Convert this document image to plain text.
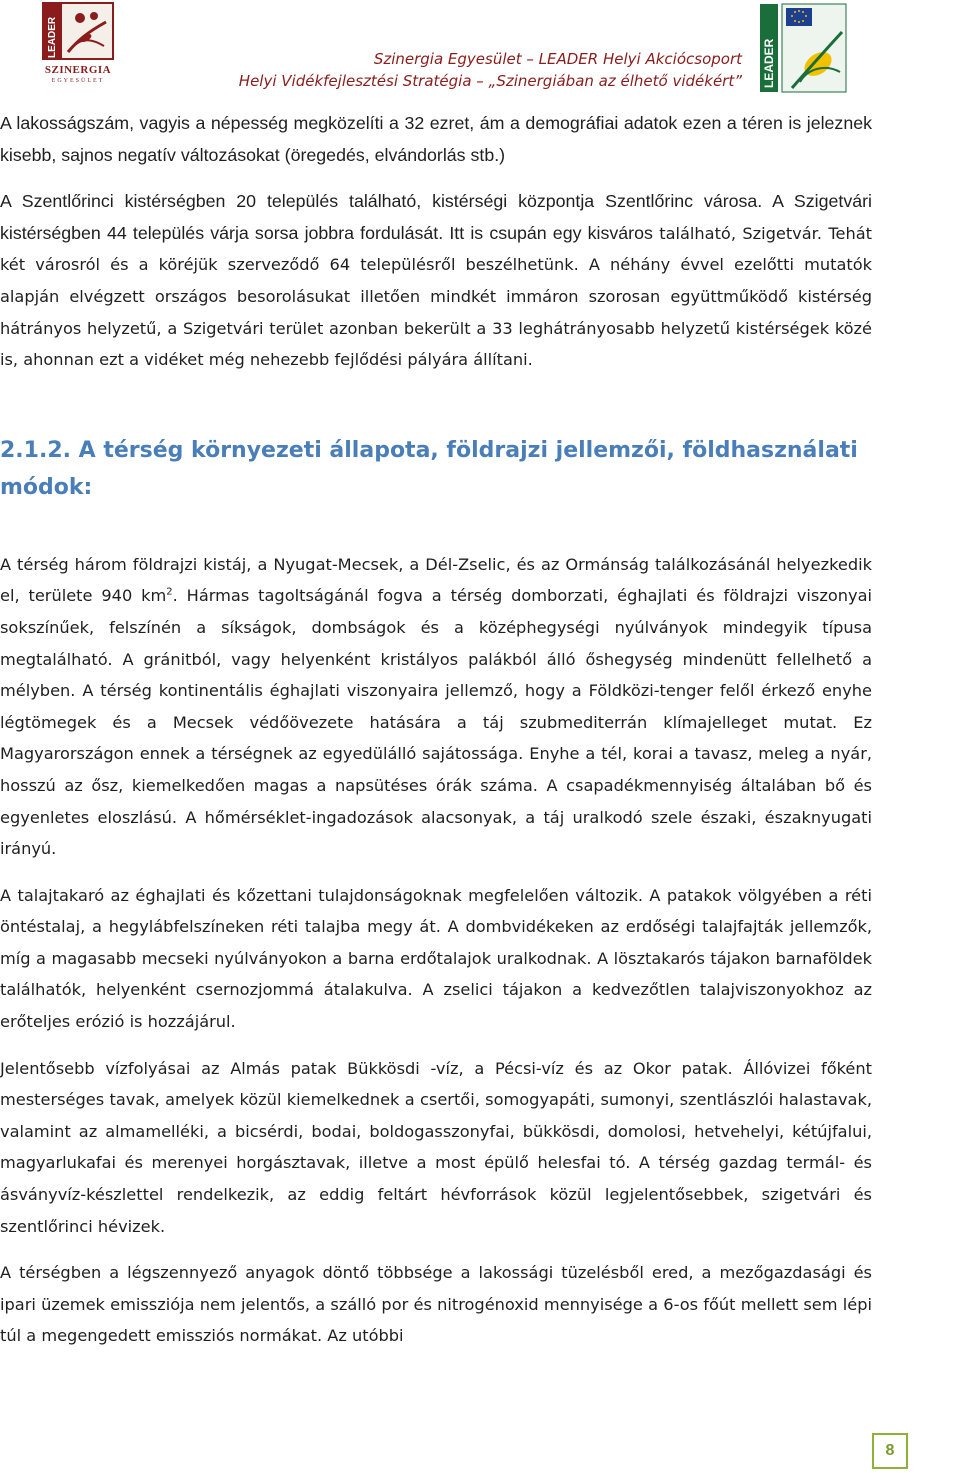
LEADER
SZINERGIA
EGYESÜLET
Szinergia Egyesület – LEADER Helyi Akciócsoport
Helyi Vidékfejlesztési Stratégia – „Szinergiában az élhető vidékért” LEADER

A lakosságszám, vagyis a népesség megközelíti a 32 ezret, ám a demográfiai adatok ezen a téren is jeleznek kisebb, sajnos negatív változásokat (öregedés, elvándorlás stb.)

A Szentlőrinci kistérségben 20 település található, kistérségi központja Szentlőrinc városa. A Szigetvári kistérségben 44 település várja sorsa jobbra fordulását. Itt is csupán egy kisváros található, Szigetvár. Tehát két városról és a köréjük szerveződő 64 településről beszélhetünk. A néhány évvel ezelőtti mutatók alapján elvégzett országos besorolásukat illetően mindkét immáron szorosan együttműködő kistérség hátrányos helyzetű, a Szigetvári terület azonban bekerült a 33 leghátrányosabb helyzetű kistérségek közé is, ahonnan ezt a vidéket még nehezebb fejlődési pályára állítani.

2.1.2. A térség környezeti állapota, földrajzi jellemzői, földhasználati módok:

A térség három földrajzi kistáj, a Nyugat-Mecsek, a Dél-Zselic, és az Ormánság találkozásánál helyezkedik el, területe 940 $km^2$. Hármas tagoltságánál fogva a térség domborzati, éghajlati és földrajzi viszonyai sokszínűek, felszínén a síkságok, dombságok és a középhegységi nyúlványok mindegyik típusa megtalálható. A gránitból, vagy helyenként kristályos palákból álló őshegység mindenütt fellelhető a mélyben. A térség kontinentális éghajlati viszonyaira jellemző, hogy a Földközi-tenger felől érkező enyhe légtömegek és a Mecsek védőövezete hatására a táj szubmediterrán klímajelleget mutat. Ez Magyarországon ennek a térségnek az egyedülálló sajátossága. Enyhe a tél, korai a tavasz, meleg a nyár, hosszú az ősz, kiemelkedően magas a napsütéses órák száma. A csapadékmennyiség általában bő és egyenletes eloszlású. A hőmérséklet-ingadozások alacsonyak, a táj uralkodó szele északi, északnyugati irányú.

A talajtakaró az éghajlati és kőzettani tulajdonságoknak megfelelően változik. A patakok völgyében a réti öntéstalaj, a hegylábfelszíneken réti talajba megy át. A dombvidékeken az erdőségi talajfajták jellemzők, míg a magasabb mecseki nyúlványokon a barna erdőtalajok uralkodnak. A lösztakarós tájakon barnaföldek találhatók, helyenként csernozjommá átalakulva. A zselici tájakon a kedvezőtlen talajviszonyokhoz az erőteljes erózió is hozzájárul.

Jelentősebb vízfolyásai az Almás patak Bükkösdi -víz, a Pécsi-víz és az Okor patak. Állóvizei főként mesterséges tavak, amelyek közül kiemelkednek a csertői, somogyapáti, sumonyi, szentlászlói halastavak, valamint az almamelléki, a bicsérdi, bodai, boldogasszonyfai, bükkösdi, domolosi, hetvehelyi, kétújfalui, magyarlukafai és merenyei horgásztavak, illetve a most épülő helesfai tó. A térség gazdag termál- és ásványvíz-készlettel rendelkezik, az eddig feltárt hévforrások közül legjelentősebbek, szigetvári és szentlőrinci hévizek.

A térségben a légszennyező anyagok döntő többsége a lakossági tüzelésből ered, a mezőgazdasági és ipari üzemek emissziója nem jelentős, a szálló por és nitrogénoxid mennyisége a 6-os főút mellett sem lépi túl a megengedett emissziós normákat. Az utóbbi

8
